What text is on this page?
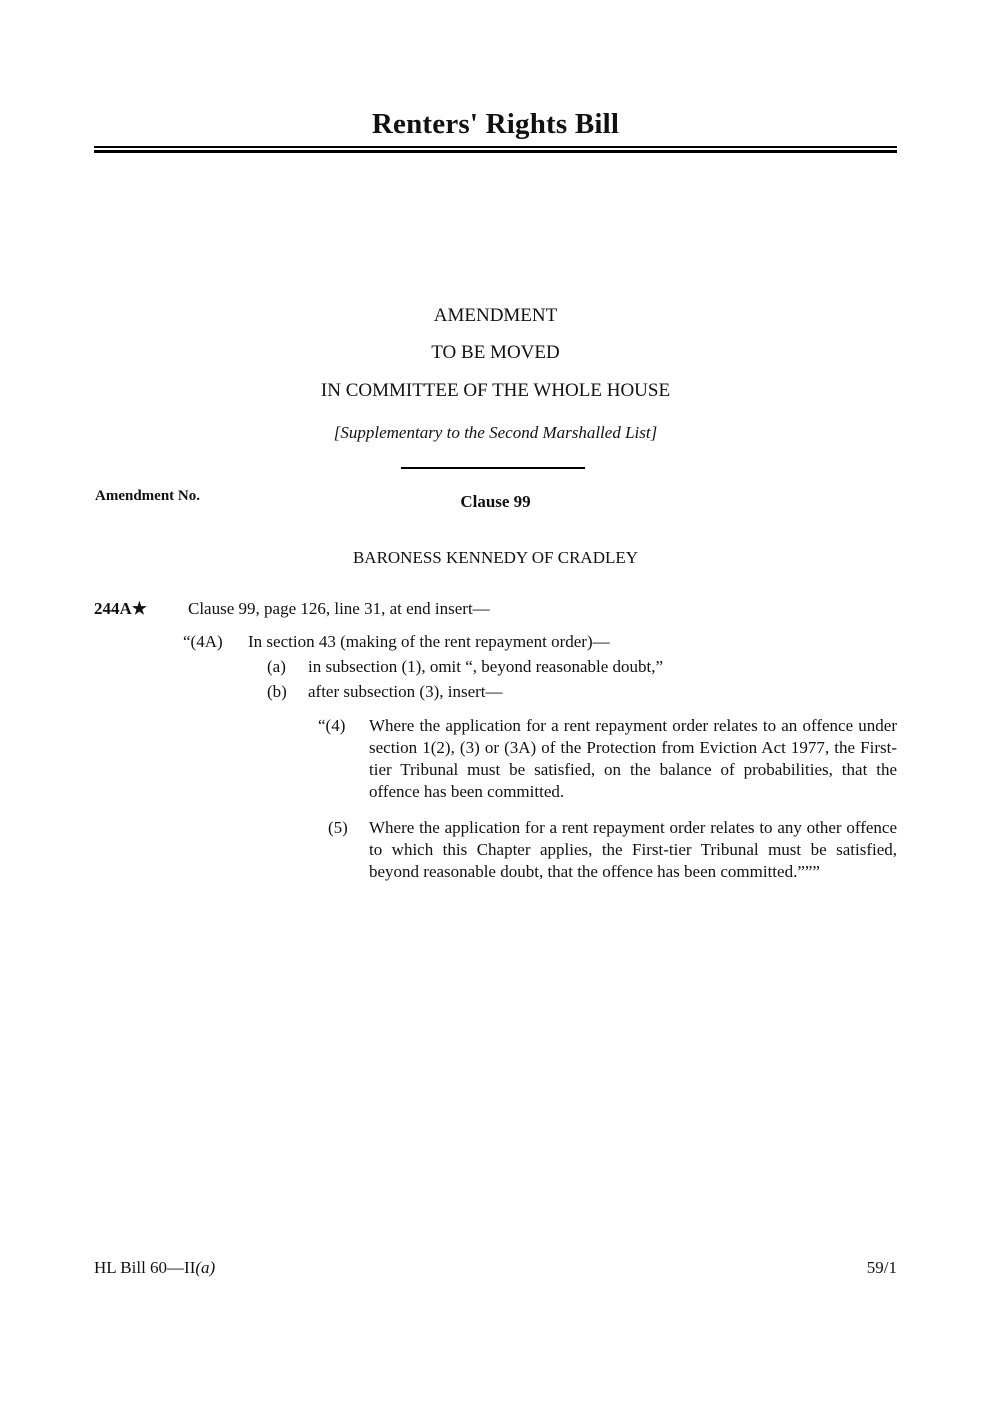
Renters' Rights Bill
AMENDMENT
TO BE MOVED
IN COMMITTEE OF THE WHOLE HOUSE
[Supplementary to the Second Marshalled List]
Amendment No.	Clause 99
BARONESS KENNEDY OF CRADLEY
244A★ Clause 99, page 126, line 31, at end insert—
“(4A) In section 43 (making of the rent repayment order)—
(a) in subsection (1), omit “, beyond reasonable doubt,”
(b) after subsection (3), insert—
“(4) Where the application for a rent repayment order relates to an offence under section 1(2), (3) or (3A) of the Protection from Eviction Act 1977, the First-tier Tribunal must be satisfied, on the balance of probabilities, that the offence has been committed.
(5) Where the application for a rent repayment order relates to any other offence to which this Chapter applies, the First-tier Tribunal must be satisfied, beyond reasonable doubt, that the offence has been committed.”””
HL Bill 60—II(a)	59/1
